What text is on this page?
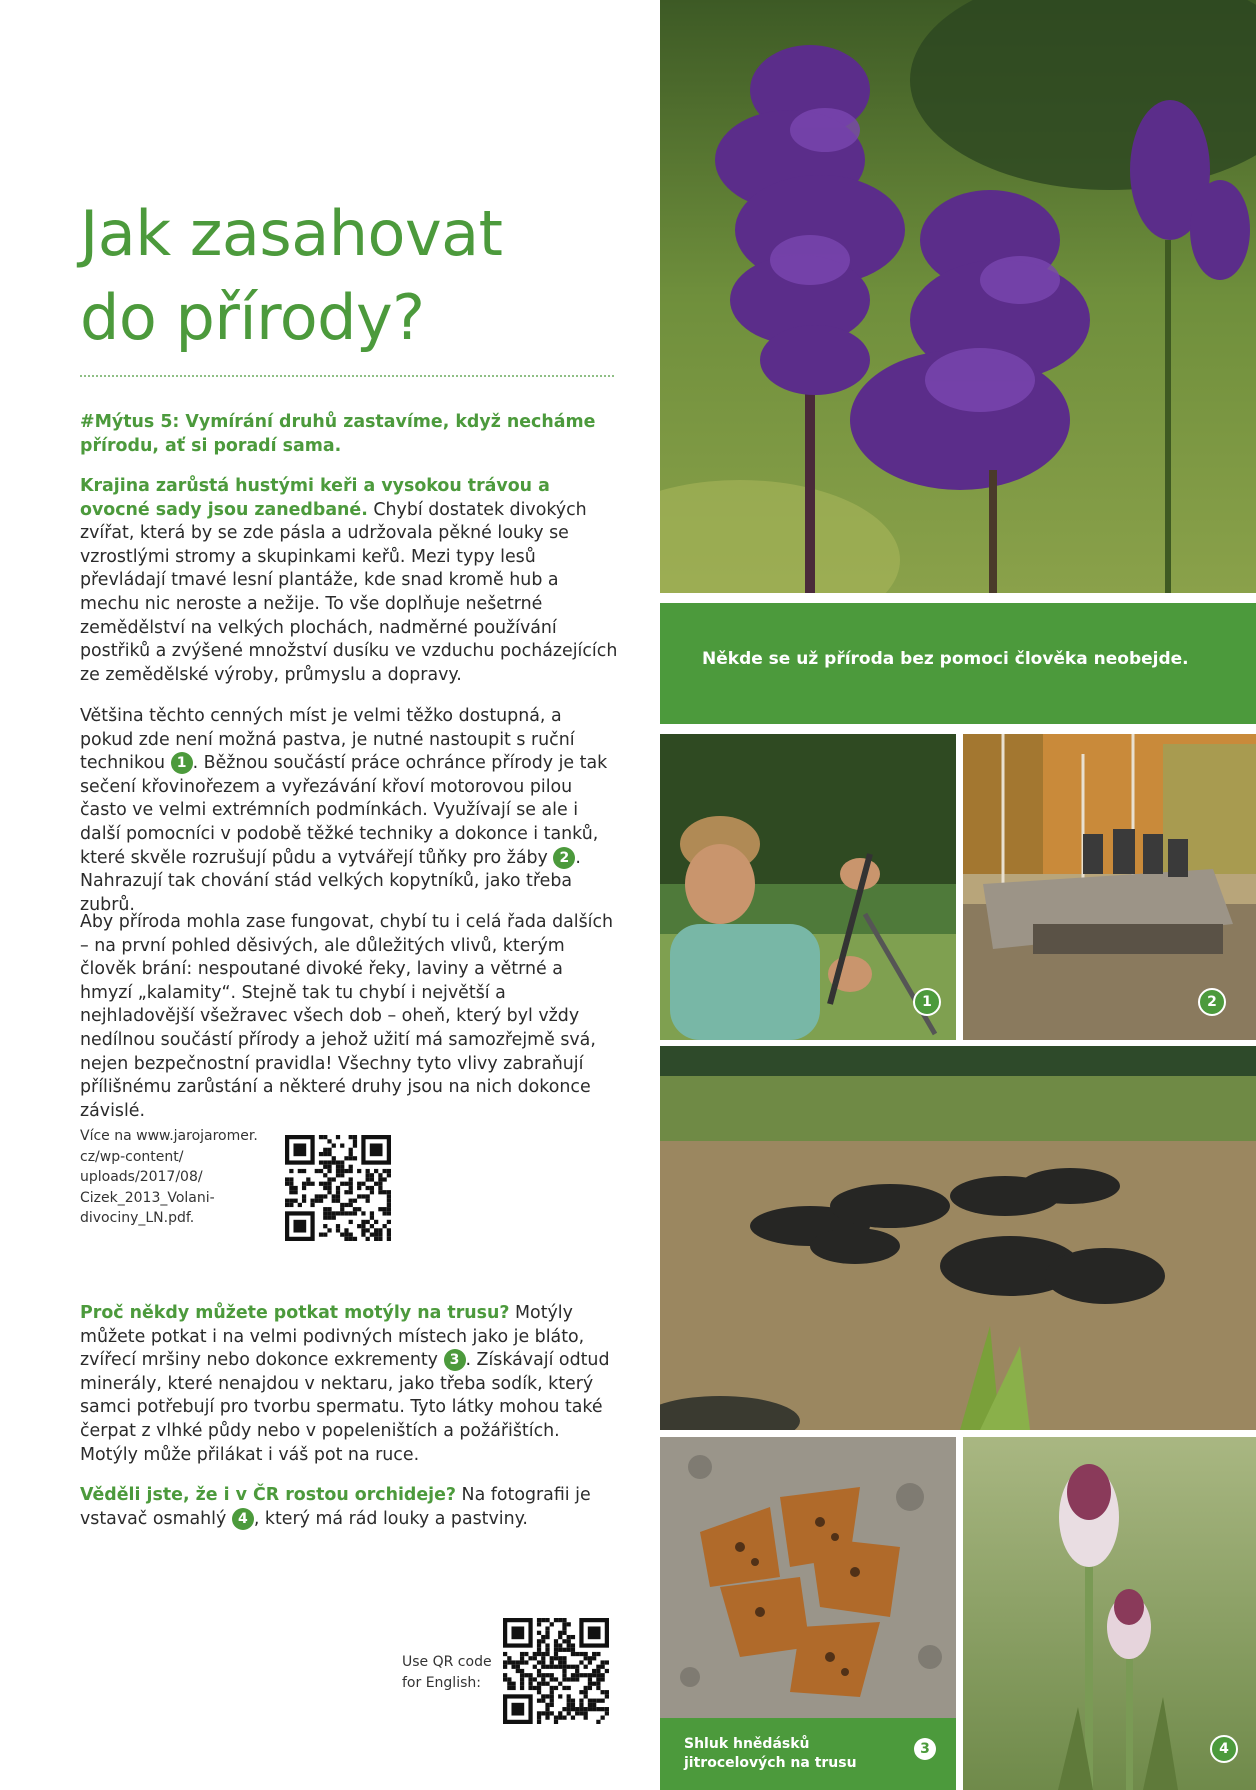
Jak zasahovat
do přírody?

#Mýtus 5: Vymírání druhů zastavíme, když necháme přírodu, ať si poradí sama.

Krajina zarůstá hustými keři a vysokou trávou a ovocné sady jsou zanedbané. Chybí dostatek divokých zvířat, která by se zde pásla a udržovala pěkné louky se vzrostlými stromy a skupinkami keřů. Mezi typy lesů převládají tmavé lesní plantáže, kde snad kromě hub a mechu nic neroste a nežije. To vše doplňuje nešetrné zemědělství na velkých plochách, nadměrné používání postřiků a zvýšené množství dusíku ve vzduchu pocházejících ze zemědělské výroby, průmyslu a dopravy.

Většina těchto cenných míst je velmi těžko dostupná, a pokud zde není možná pastva, je nutné nastoupit s ruční technikou 1 . Běžnou součástí práce ochránce přírody je tak sečení křovinořezem a vyřezávání křoví motorovou pilou často ve velmi extrémních podmínkách. Využívají se ale i další pomocníci v podobě těžké techniky a dokonce i tanků, které skvěle rozrušují půdu a vytvářejí tůňky pro žáby 2 . Nahrazují tak chování stád velkých kopytníků, jako třeba zubrů.

Aby příroda mohla zase fungovat, chybí tu i celá řada dalších – na první pohled děsivých, ale důležitých vlivů, kterým člověk brání: nespoutané divoké řeky, laviny a větrné a hmyzí „kalamity“. Stejně tak tu chybí i největší a nejhladovější všežravec všech dob – oheň, který byl vždy nedílnou součástí přírody a jehož užití má samozřejmě svá, nejen bezpečnostní pravidla! Všechny tyto vlivy zabraňují přílišnému zarůstání a některé druhy jsou na nich dokonce závislé.

Více na www.jarojaromer.
cz/wp-content/
uploads/2017/08/
Cizek_2013_Volani-
divociny_LN.pdf.

Proč někdy můžete potkat motýly na trusu? Motýly můžete potkat i na velmi podivných místech jako je bláto, zvířecí mršiny nebo dokonce exkrementy 3 . Získávají odtud minerály, které nenajdou v nektaru, jako třeba sodík, který samci potřebují pro tvorbu spermatu. Tyto látky mohou také čerpat z vlhké půdy nebo v popeleništích a požářištích. Motýly může přilákat i váš pot na ruce.

Věděli jste, že i v ČR rostou orchideje? Na fotografii je vstavač osmahlý 4 , který má rád louky a pastviny.

Use QR code
for English:
Někde se už příroda bez pomoci člověka neobejde.
1	2
Shluk hnědásků jitrocelových na trusu
3	4
